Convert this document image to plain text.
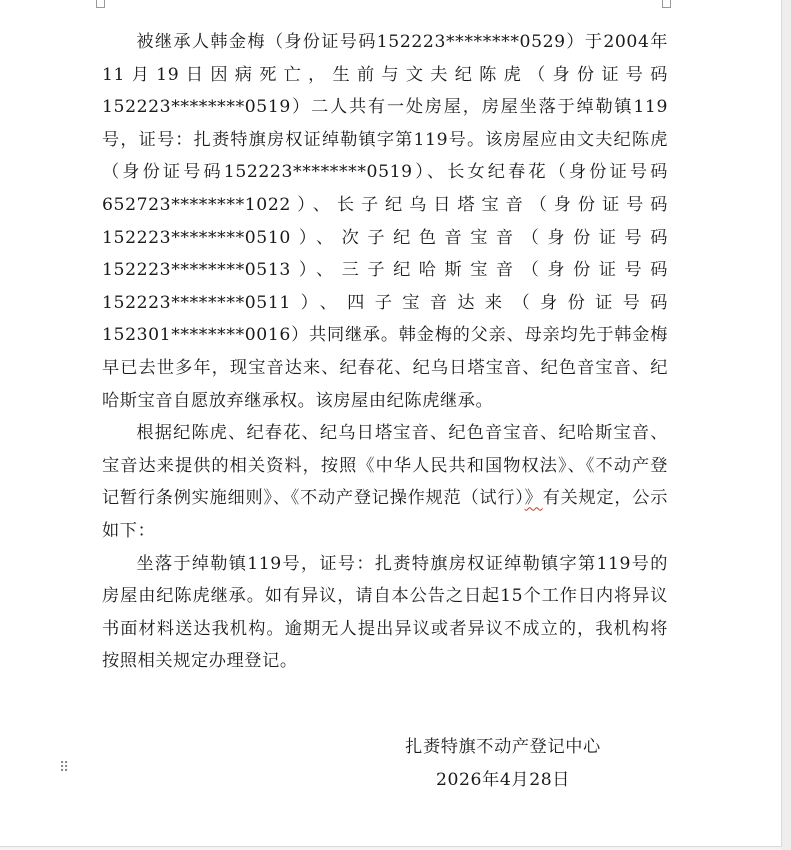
被继承人韩金梅（身份证号码152223********0529）于2004年11月19日因病死亡，生前与文夫纪陈虎（身份证号码152223********0519）二人共有一处房屋，房屋坐落于绰勒镇119号，证号：扎赉特旗房权证绰勒镇字第119号。该房屋应由文夫纪陈虎（身份证号码152223********0519）、长女纪春花（身份证号码652723********1022）、长子纪乌日塔宝音（身份证号码152223********0510）、次子纪色音宝音（身份证号码152223********0513）、三子纪哈斯宝音（身份证号码152223********0511）、四子宝音达来（身份证号码152301********0016）共同继承。韩金梅的父亲、母亲均先于韩金梅早已去世多年，现宝音达来、纪春花、纪乌日塔宝音、纪色音宝音、纪哈斯宝音自愿放弃继承权。该房屋由纪陈虎继承。

根据纪陈虎、纪春花、纪乌日塔宝音、纪色音宝音、纪哈斯宝音、宝音达来提供的相关资料，按照《中华人民共和国物权法》、《不动产登记暂行条例实施细则》、《不动产登记操作规范（试行）》有关规定，公示如下：

坐落于绰勒镇119号，证号：扎赉特旗房权证绰勒镇字第119号的房屋由纪陈虎继承。如有异议，请自本公告之日起15个工作日内将异议书面材料送达我机构。逾期无人提出异议或者异议不成立的，我机构将按照相关规定办理登记。

扎赉特旗不动产登记中心
2026年4月28日
⠿
